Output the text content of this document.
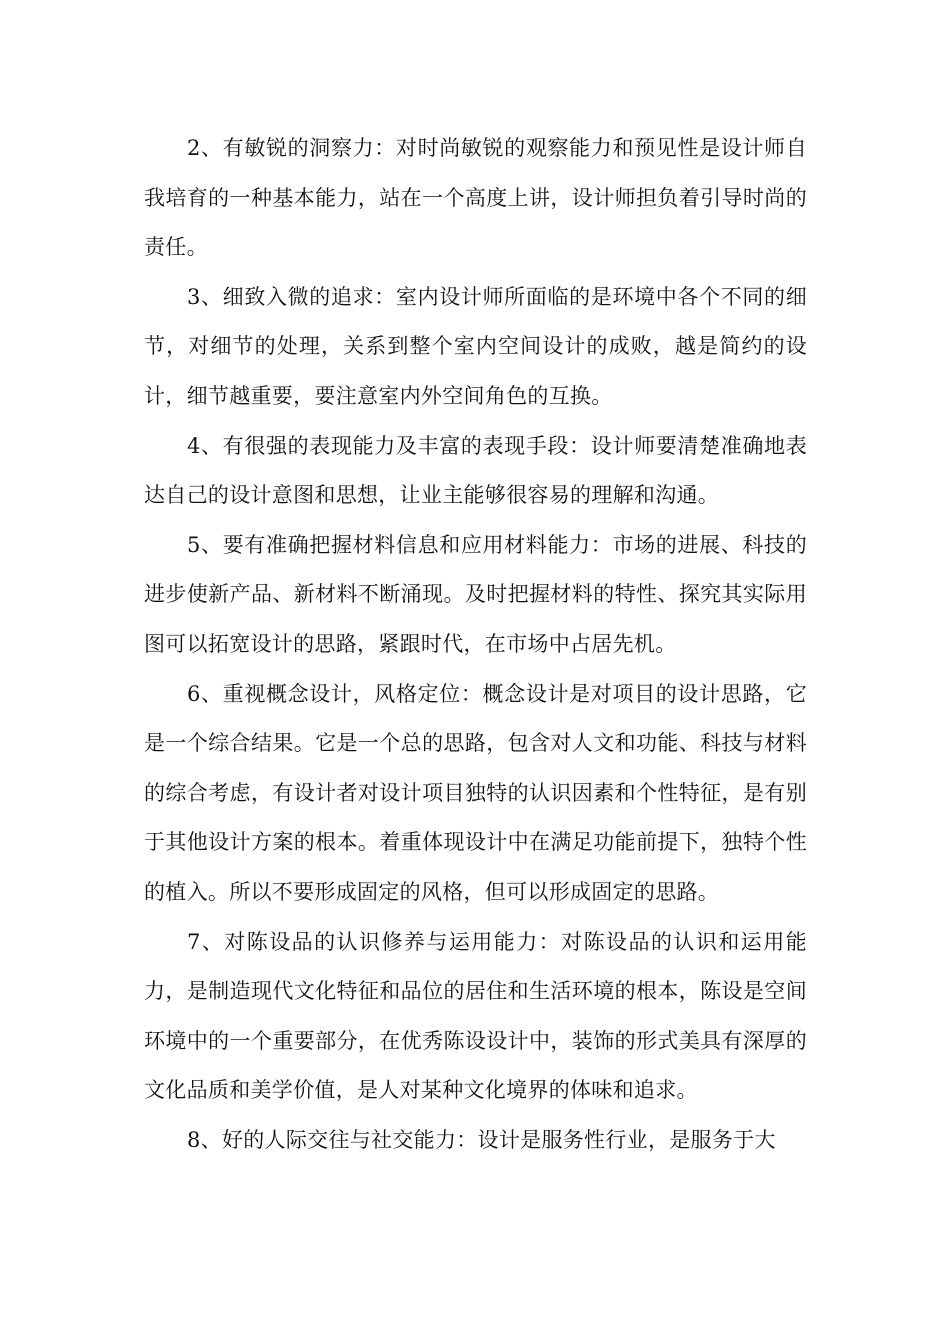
2、有敏锐的洞察力：对时尚敏锐的观察能力和预见性是设计师自我培育的一种基本能力，站在一个高度上讲，设计师担负着引导时尚的责任。

3、细致入微的追求：室内设计师所面临的是环境中各个不同的细节，对细节的处理，关系到整个室内空间设计的成败，越是简约的设计，细节越重要，要注意室内外空间角色的互换。

4、有很强的表现能力及丰富的表现手段：设计师要清楚准确地表达自己的设计意图和思想，让业主能够很容易的理解和沟通。

5、要有准确把握材料信息和应用材料能力：市场的进展、科技的进步使新产品、新材料不断涌现。及时把握材料的特性、探究其实际用图可以拓宽设计的思路，紧跟时代，在市场中占居先机。

6、重视概念设计，风格定位：概念设计是对项目的设计思路，它是一个综合结果。它是一个总的思路，包含对人文和功能、科技与材料的综合考虑，有设计者对设计项目独特的认识因素和个性特征，是有别于其他设计方案的根本。着重体现设计中在满足功能前提下，独特个性的植入。所以不要形成固定的风格，但可以形成固定的思路。

7、对陈设品的认识修养与运用能力：对陈设品的认识和运用能力，是制造现代文化特征和品位的居住和生活环境的根本，陈设是空间环境中的一个重要部分，在优秀陈设设计中，装饰的形式美具有深厚的文化品质和美学价值，是人对某种文化境界的体味和追求。

8、好的人际交往与社交能力：设计是服务性行业，是服务于大
